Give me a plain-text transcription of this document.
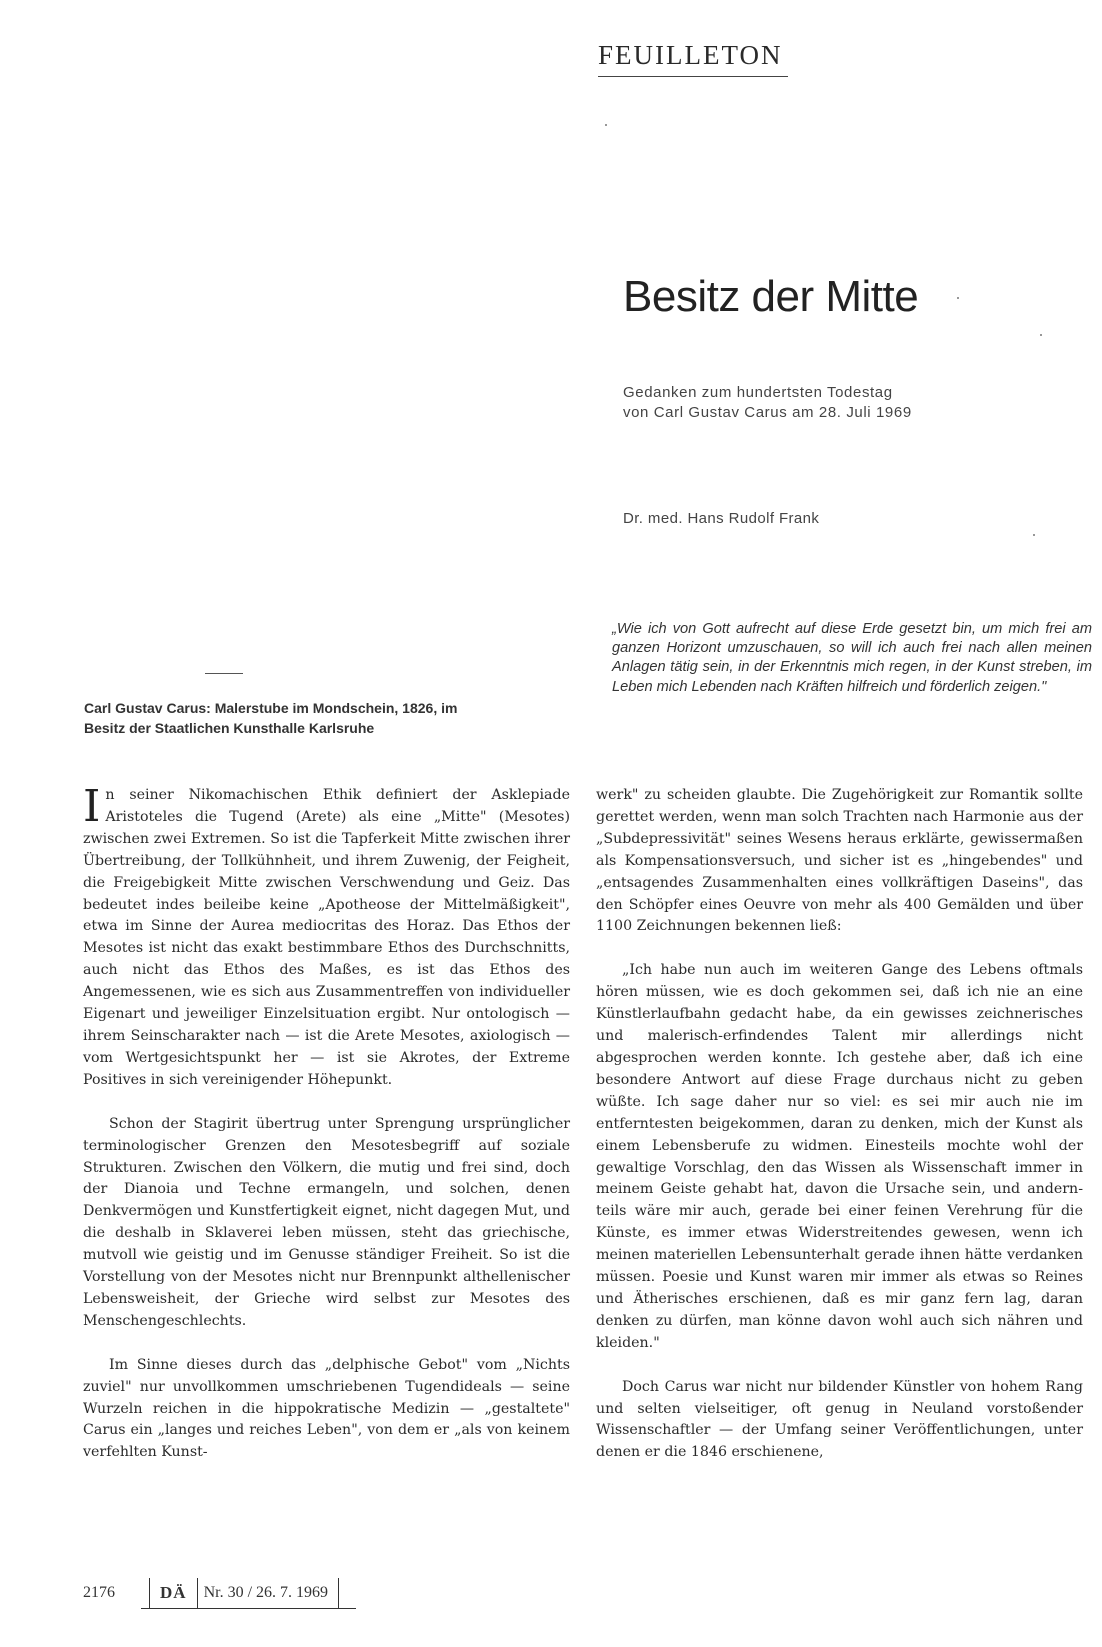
FEUILLETON
Besitz der Mitte
Gedanken zum hundertsten Todestag
von Carl Gustav Carus am 28. Juli 1969
Dr. med. Hans Rudolf Frank
Carl Gustav Carus: Malerstube im Mondschein, 1826, im
Besitz der Staatlichen Kunsthalle Karlsruhe
„Wie ich von Gott aufrecht auf diese Erde gesetzt bin, um mich frei am ganzen Horizont umzuschauen, so will ich auch frei nach allen meinen Anlagen tätig sein, in der Erkenntnis mich regen, in der Kunst streben, im Leben mich Lebenden nach Kräften hilfreich und förderlich zeigen."

In seiner Nikomachischen Ethik definiert der Asklepiade Aristoteles die Tugend (Arete) als eine „Mitte" (Mesotes) zwischen zwei Extremen. So ist die Tapferkeit Mitte zwischen ihrer Übertreibung, der Tollkühnheit, und ihrem Zuwenig, der Feigheit, die Freigebigkeit Mitte zwischen Verschwendung und Geiz. Das bedeutet indes beileibe keine „Apotheose der Mittelmäßigkeit", etwa im Sinne der Aurea mediocritas des Horaz. Das Ethos der Mesotes ist nicht das exakt bestimmbare Ethos des Durchschnitts, auch nicht das Ethos des Maßes, es ist das Ethos des Angemessenen, wie es sich aus Zusammentreffen von individueller Eigenart und jeweiliger Einzelsituation ergibt. Nur ontologisch — ihrem Seinscharakter nach — ist die Arete Mesotes, axiologisch — vom Wertgesichtspunkt her — ist sie Akrotes, der Extreme Positives in sich vereinigender Höhepunkt.

Schon der Stagirit übertrug unter Sprengung ursprünglicher terminologischer Grenzen den Mesotesbegriff auf soziale Strukturen. Zwischen den Völkern, die mutig und frei sind, doch der Dianoia und Techne ermangeln, und solchen, denen Denkvermögen und Kunstfertigkeit eignet, nicht dagegen Mut, und die deshalb in Sklaverei leben müssen, steht das griechische, mutvoll wie geistig und im Genusse ständiger Freiheit. So ist die Vorstellung von der Mesotes nicht nur Brennpunkt althellenischer Lebensweisheit, der Grieche wird selbst zur Mesotes des Menschengeschlechts.

Im Sinne dieses durch das „delphische Gebot" vom „Nichts zuviel" nur unvollkommen umschriebenen Tugendideals — seine Wurzeln reichen in die hippokratische Medizin — „gestaltete" Carus ein „langes und reiches Leben", von dem er „als von keinem verfehlten Kunst-

werk" zu scheiden glaubte. Die Zugehörigkeit zur Romantik sollte gerettet werden, wenn man solch Trachten nach Harmonie aus der „Subdepressivität" seines Wesens heraus erklärte, gewissermaßen als Kompensationsversuch, und sicher ist es „hingebendes" und „entsagendes Zusammenhalten eines vollkräftigen Daseins", das den Schöpfer eines Oeuvre von mehr als 400 Gemälden und über 1100 Zeichnungen bekennen ließ:

„Ich habe nun auch im weiteren Gange des Lebens oftmals hören müssen, wie es doch gekommen sei, daß ich nie an eine Künstlerlaufbahn gedacht habe, da ein gewisses zeichnerisches und malerisch-erfindendes Talent mir allerdings nicht abgesprochen werden konnte. Ich gestehe aber, daß ich eine besondere Antwort auf diese Frage durchaus nicht zu geben wüßte. Ich sage daher nur so viel: es sei mir auch nie im entferntesten beigekommen, daran zu denken, mich der Kunst als einem Lebensberufe zu widmen. Einesteils mochte wohl der gewaltige Vorschlag, den das Wissen als Wissenschaft immer in meinem Geiste gehabt hat, davon die Ursache sein, und andernteils wäre mir auch, gerade bei einer feinen Verehrung für die Künste, es immer etwas Widerstreitendes gewesen, wenn ich meinen materiellen Lebensunterhalt gerade ihnen hätte verdanken müssen. Poesie und Kunst waren mir immer als etwas so Reines und Ätherisches erschienen, daß es mir ganz fern lag, daran denken zu dürfen, man könne davon wohl auch sich nähren und kleiden."

Doch Carus war nicht nur bildender Künstler von hohem Rang und selten vielseitiger, oft genug in Neuland vorstoßender Wissenschaftler — der Umfang seiner Veröffentlichungen, unter denen er die 1846 erschienene,

2176	DÄ Nr. 30 / 26. 7. 1969
